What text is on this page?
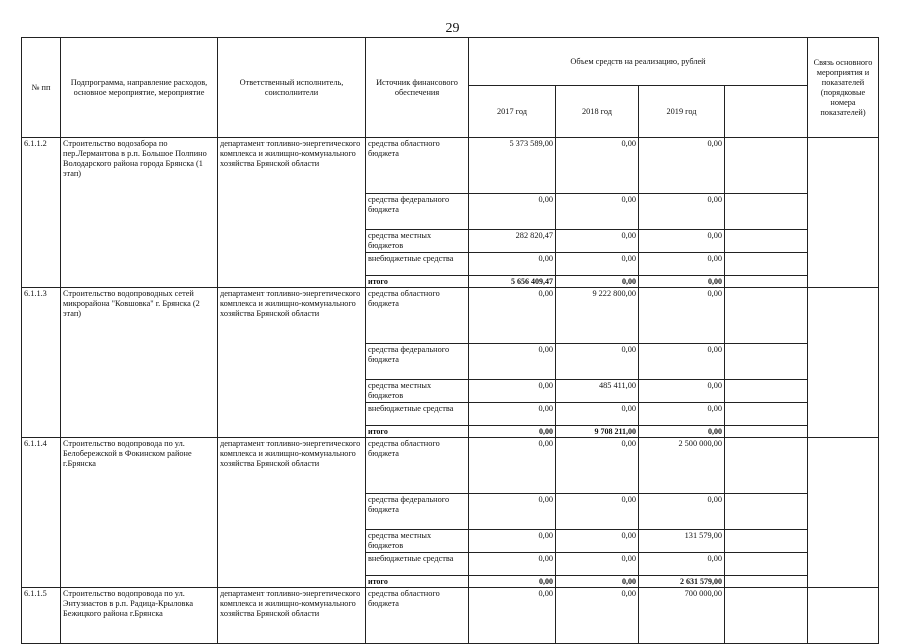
29
№ пп	Подпрограмма, направление расходов, основное мероприятие, мероприятие	Ответственный исполнитель, соисполнители	Источник финансового обеспечения	Объем средств на реализацию, рублей				Связь основного мероприятия и показателей (порядковые номера показателей)
				2017 год	2018 год	2019 год		
6.1.1.2	Строительство водозабора по пер.Лермантова в р.п. Большое Полпино Володарского района города Брянска (1 этап)	департамент топливно-энергетического комплекса и жилищно-коммунального хозяйства Брянской области	средства областного бюджета	5 373 589,00	0,00	0,00		
			средства федерального бюджета	0,00	0,00	0,00		
			средства местных бюджетов	282 820,47	0,00	0,00		
			внебюджетные средства	0,00	0,00	0,00		
			итого	5 656 409,47	0,00	0,00		
6.1.1.3	Строительство водопроводных сетей микрорайона "Ковшовка" г. Брянска (2 этап)	департамент топливно-энергетического комплекса и жилищно-коммунального хозяйства Брянской области	средства областного бюджета	0,00	9 222 800,00	0,00		
			средства федерального бюджета	0,00	0,00	0,00		
			средства местных бюджетов	0,00	485 411,00	0,00		
			внебюджетные средства	0,00	0,00	0,00		
			итого	0,00	9 708 211,00	0,00		
6.1.1.4	Строительство водопровода по ул. Белобережской в Фокинском районе г.Брянска	департамент топливно-энергетического комплекса и жилищно-коммунального хозяйства Брянской области	средства областного бюджета	0,00	0,00	2 500 000,00		
			средства федерального бюджета	0,00	0,00	0,00		
			средства местных бюджетов	0,00	0,00	131 579,00		
			внебюджетные средства	0,00	0,00	0,00		
			итого	0,00	0,00	2 631 579,00		
6.1.1.5	Строительство водопровода по ул. Энтузиастов в р.п. Радица-Крыловка Бежицкого района г.Брянска	департамент топливно-энергетического комплекса и жилищно-коммунального хозяйства Брянской области	средства областного бюджета	0,00	0,00	700 000,00		
